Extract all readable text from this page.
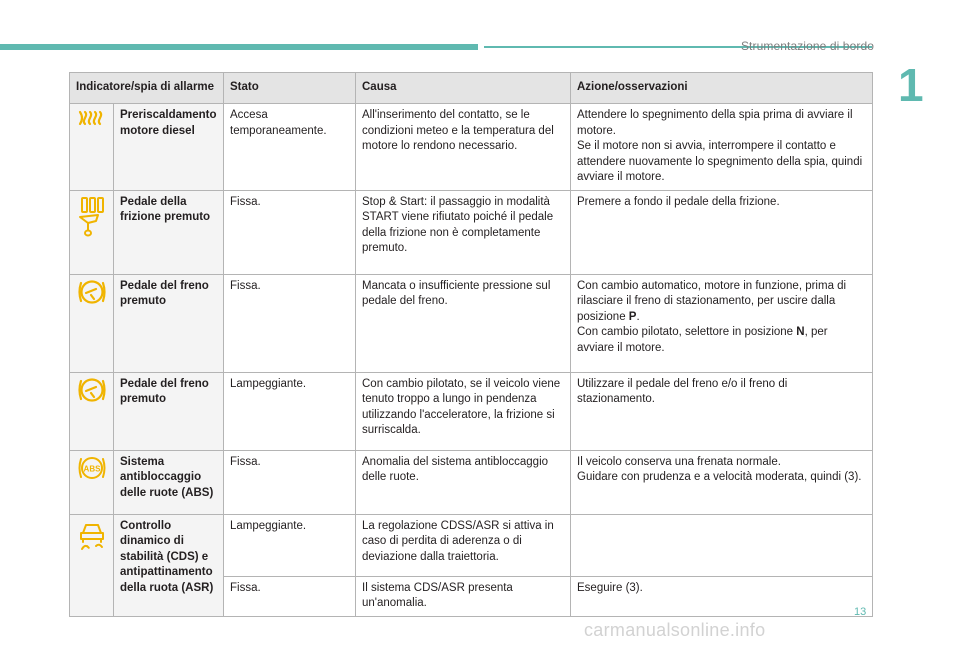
Strumentazione di bordo
1
Indicatore/spia di allarme		Stato	Causa	Azione/osservazioni

	Preriscaldamento motore diesel	Accesa temporaneamente.	All'inserimento del contatto, se le condizioni meteo e la temperatura del motore lo rendono necessario.	Attendere lo spegnimento della spia prima di avviare il motore.
Se il motore non si avvia, interrompere il contatto e attendere nuovamente lo spegnimento della spia, quindi avviare il motore.

	Pedale della frizione premuto	Fissa.	Stop & Start: il passaggio in modalità START viene rifiutato poiché il pedale della frizione non è completamente premuto.	Premere a fondo il pedale della frizione.

	Pedale del freno premuto	Fissa.	Mancata o insufficiente pressione sul pedale del freno.	Con cambio automatico, motore in funzione, prima di rilasciare il freno di stazionamento, per uscire dalla posizione P.
Con cambio pilotato, selettore in posizione N, per avviare il motore.

	Pedale del freno premuto	Lampeggiante.	Con cambio pilotato, se il veicolo viene tenuto troppo a lungo in pendenza utilizzando l'acceleratore, la frizione si surriscalda.	Utilizzare il pedale del freno e/o il freno di stazionamento.

ABS	Sistema antibloccaggio delle ruote (ABS)	Fissa.	Anomalia del sistema antibloccaggio delle ruote.	Il veicolo conserva una frenata normale.
Guidare con prudenza e a velocità moderata, quindi (3).

	Controllo dinamico di stabilità (CDS) e antipattinamento della ruota (ASR)	Lampeggiante.	La regolazione CDSS/ASR si attiva in caso di perdita di aderenza o di deviazione dalla traiettoria.	
		Fissa.	Il sistema CDS/ASR presenta un'anomalia.	Eseguire (3).
13
carmanualsonline.info
